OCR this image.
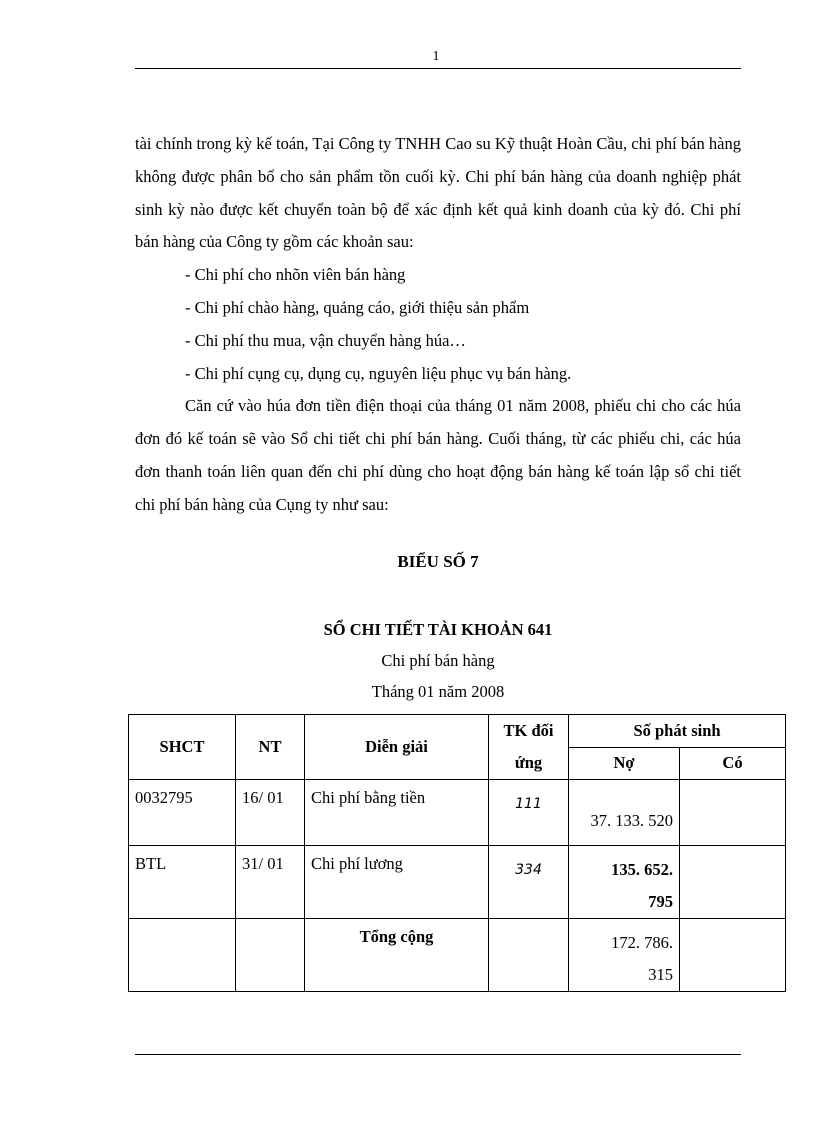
1

tài chính trong kỳ kế toán, Tại Công ty TNHH Cao su Kỹ thuật Hoàn Cầu, chi phí bán hàng không được phân bổ cho sản phẩm tồn cuối kỳ. Chi phí bán hàng của doanh nghiệp phát sinh kỳ nào được kết chuyển toàn bộ để xác định kết quả kinh doanh của kỳ đó. Chi phí bán hàng của Công ty gồm các khoản sau:

- Chi phí cho nhõn viên bán hàng

- Chi phí chào hàng, quảng cáo, giới thiệu sản phẩm

- Chi phí thu mua, vận chuyển hàng húa…

- Chi phí cụng cụ, dụng cụ, nguyên liệu phục vụ bán hàng.

Căn cứ vào húa đơn tiền điện thoại của tháng 01 năm 2008, phiếu chi cho các húa đơn đó kế toán sẽ vào Sổ chi tiết chi phí bán hàng. Cuối tháng, từ các phiếu chi, các húa đơn thanh toán liên quan đến chi phí dùng cho hoạt động bán hàng kế toán lập sổ chi tiết chi phí bán hàng của Cụng ty như sau:

BIỂU SỐ 7

SỔ CHI TIẾT TÀI KHOẢN 641

Chi phí bán hàng

Tháng 01 năm 2008

SHCT	NT	Diễn giải	TK đối ứng	Số phát sinh	
				Nợ	Có
0032795	16/ 01	Chi phí bằng tiền	111	37. 133. 520	

BTL	31/ 01	Chi phí lương	334	135. 652.
795	

		Tổng cộng		172. 786.
315	
